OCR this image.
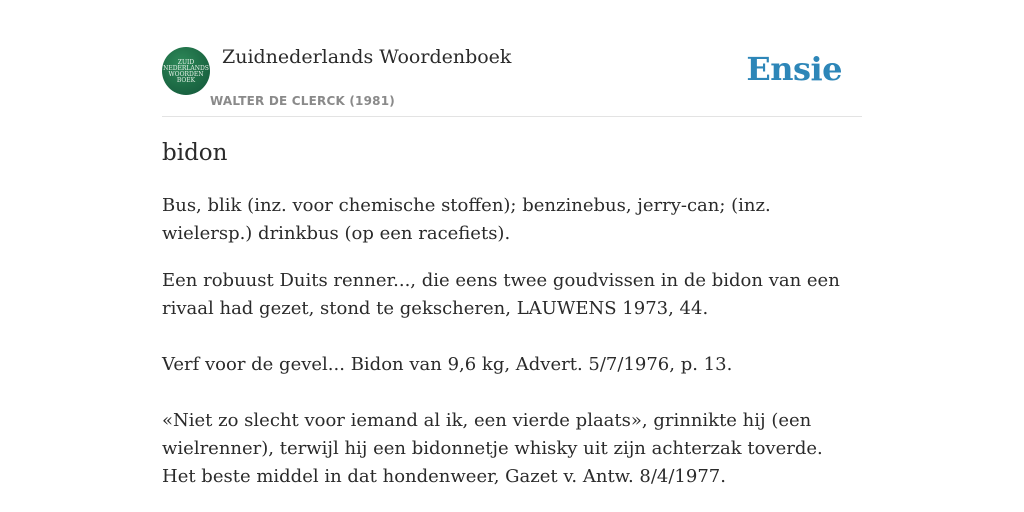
ZUID
NEDERLANDS
WOORDEN
BOEK
Zuidnederlands Woordenboek
WALTER DE CLERCK (1981)
Ensie
bidon

Bus, blik (inz. voor chemische stoffen); benzinebus, jerry-can; (inz. wielersp.) drinkbus (op een racefiets).

Een robuust Duits renner..., die eens twee goudvissen in de bidon van een rivaal had gezet, stond te gekscheren, LAUWENS 1973, 44.

Verf voor de gevel... Bidon van 9,6 kg, Advert. 5/7/1976, p. 13.

«Niet zo slecht voor iemand al ik, een vierde plaats», grinnikte hij (een wielrenner), terwijl hij een bidonnetje whisky uit zijn achterzak toverde. Het beste middel in dat hondenweer, Gazet v. Antw. 8/4/1977.
